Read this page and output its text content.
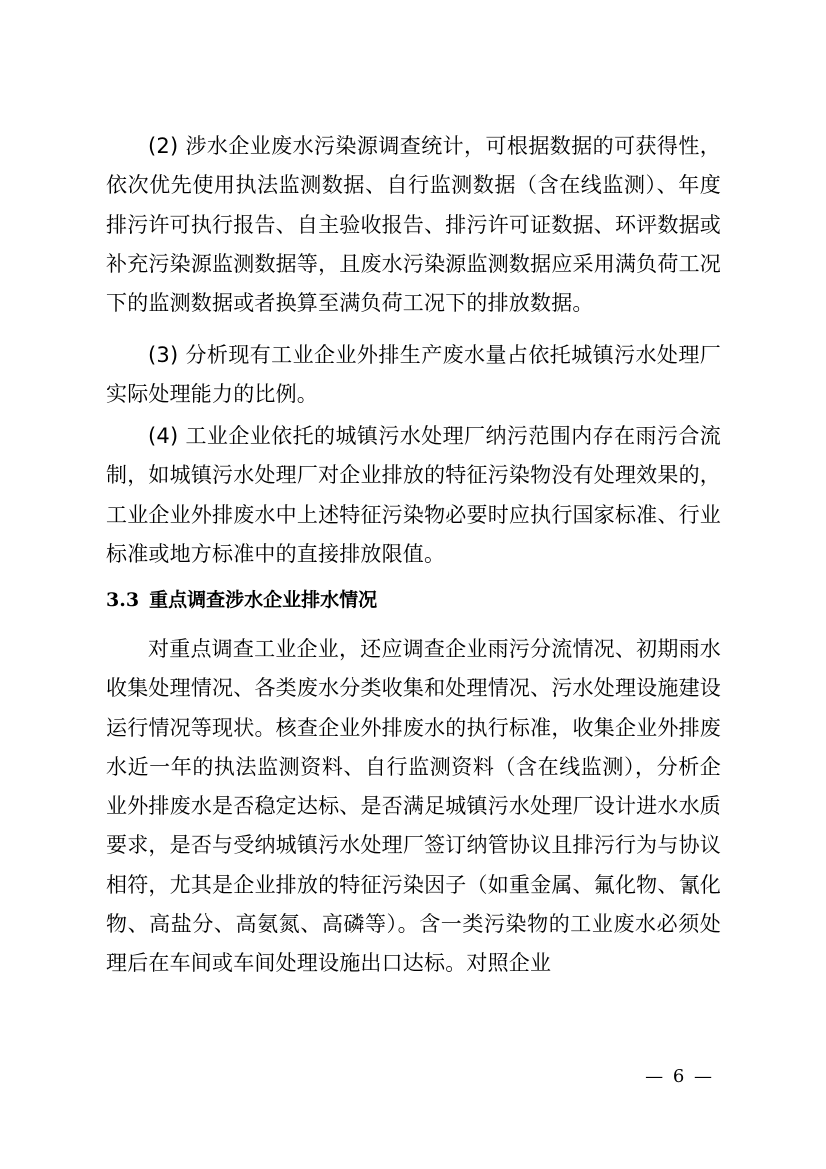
(2) 涉水企业废水污染源调查统计，可根据数据的可获得性，依次优先使用执法监测数据、自行监测数据（含在线监测）、年度排污许可执行报告、自主验收报告、排污许可证数据、环评数据或补充污染源监测数据等，且废水污染源监测数据应采用满负荷工况下的监测数据或者换算至满负荷工况下的排放数据。

(3) 分析现有工业企业外排生产废水量占依托城镇污水处理厂实际处理能力的比例。

(4) 工业企业依托的城镇污水处理厂纳污范围内存在雨污合流制，如城镇污水处理厂对企业排放的特征污染物没有处理效果的，工业企业外排废水中上述特征污染物必要时应执行国家标准、行业标准或地方标准中的直接排放限值。

3.3 重点调查涉水企业排水情况

对重点调查工业企业，还应调查企业雨污分流情况、初期雨水收集处理情况、各类废水分类收集和处理情况、污水处理设施建设运行情况等现状。核查企业外排废水的执行标准，收集企业外排废水近一年的执法监测资料、自行监测资料（含在线监测），分析企业外排废水是否稳定达标、是否满足城镇污水处理厂设计进水水质要求，是否与受纳城镇污水处理厂签订纳管协议且排污行为与协议相符，尤其是企业排放的特征污染因子（如重金属、氟化物、氰化物、高盐分、高氨氮、高磷等）。含一类污染物的工业废水必须处理后在车间或车间处理设施出口达标。对照企业

— 6 —
